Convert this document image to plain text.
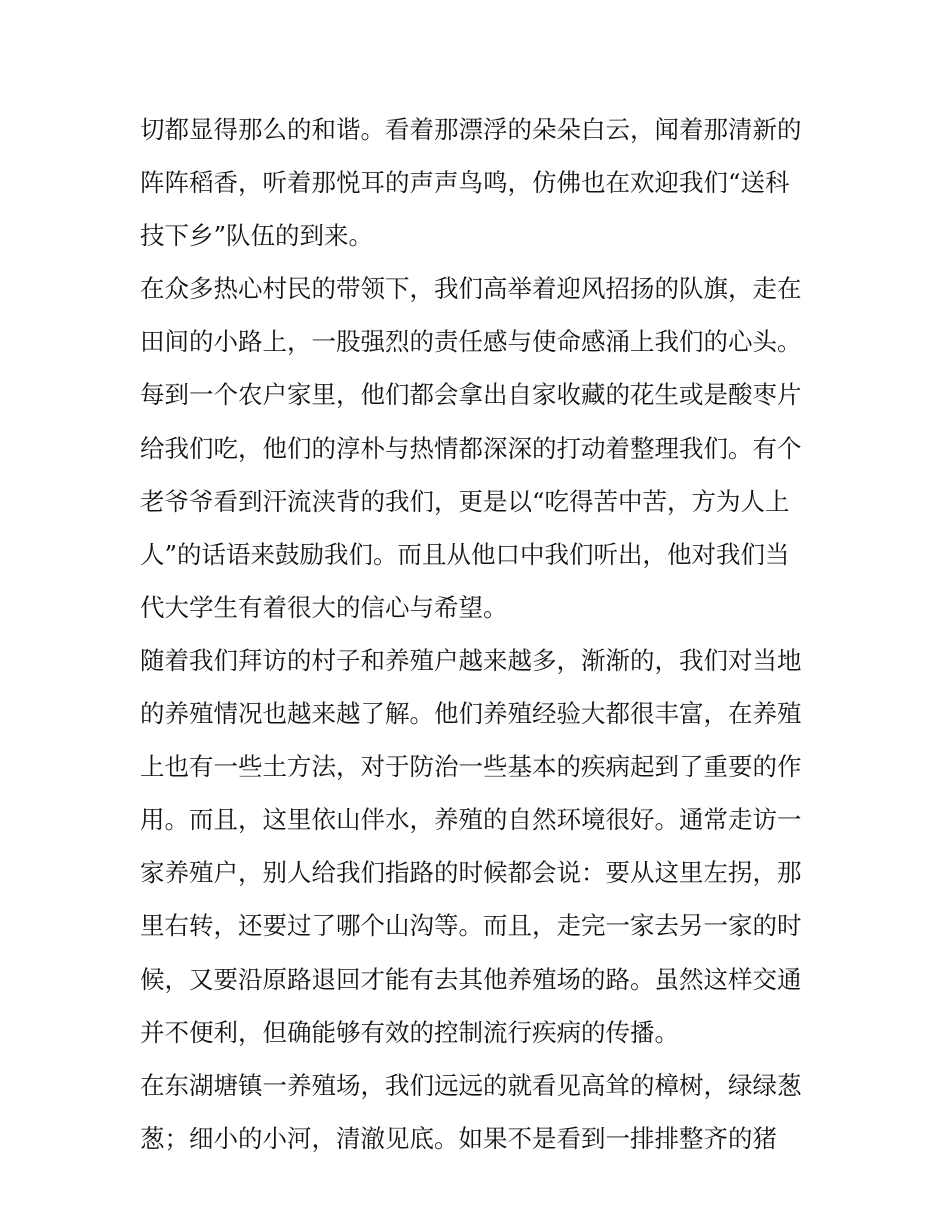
切都显得那么的和谐。看着那漂浮的朵朵白云，闻着那清新的
阵阵稻香，听着那悦耳的声声鸟鸣，仿佛也在欢迎我们“送科
技下乡”队伍的到来。
在众多热心村民的带领下，我们高举着迎风招扬的队旗，走在
田间的小路上，一股强烈的责任感与使命感涌上我们的心头。
每到一个农户家里，他们都会拿出自家收藏的花生或是酸枣片
给我们吃，他们的淳朴与热情都深深的打动着整理我们。有个
老爷爷看到汗流浃背的我们，更是以“吃得苦中苦，方为人上
人”的话语来鼓励我们。而且从他口中我们听出，他对我们当
代大学生有着很大的信心与希望。
随着我们拜访的村子和养殖户越来越多，渐渐的，我们对当地
的养殖情况也越来越了解。他们养殖经验大都很丰富，在养殖
上也有一些土方法，对于防治一些基本的疾病起到了重要的作
用。而且，这里依山伴水，养殖的自然环境很好。通常走访一
家养殖户，别人给我们指路的时候都会说：要从这里左拐，那
里右转，还要过了哪个山沟等。而且，走完一家去另一家的时
候，又要沿原路退回才能有去其他养殖场的路。虽然这样交通
并不便利，但确能够有效的控制流行疾病的传播。
在东湖塘镇一养殖场，我们远远的就看见高耸的樟树，绿绿葱
葱；细小的小河，清澈见底。如果不是看到一排排整齐的猪
